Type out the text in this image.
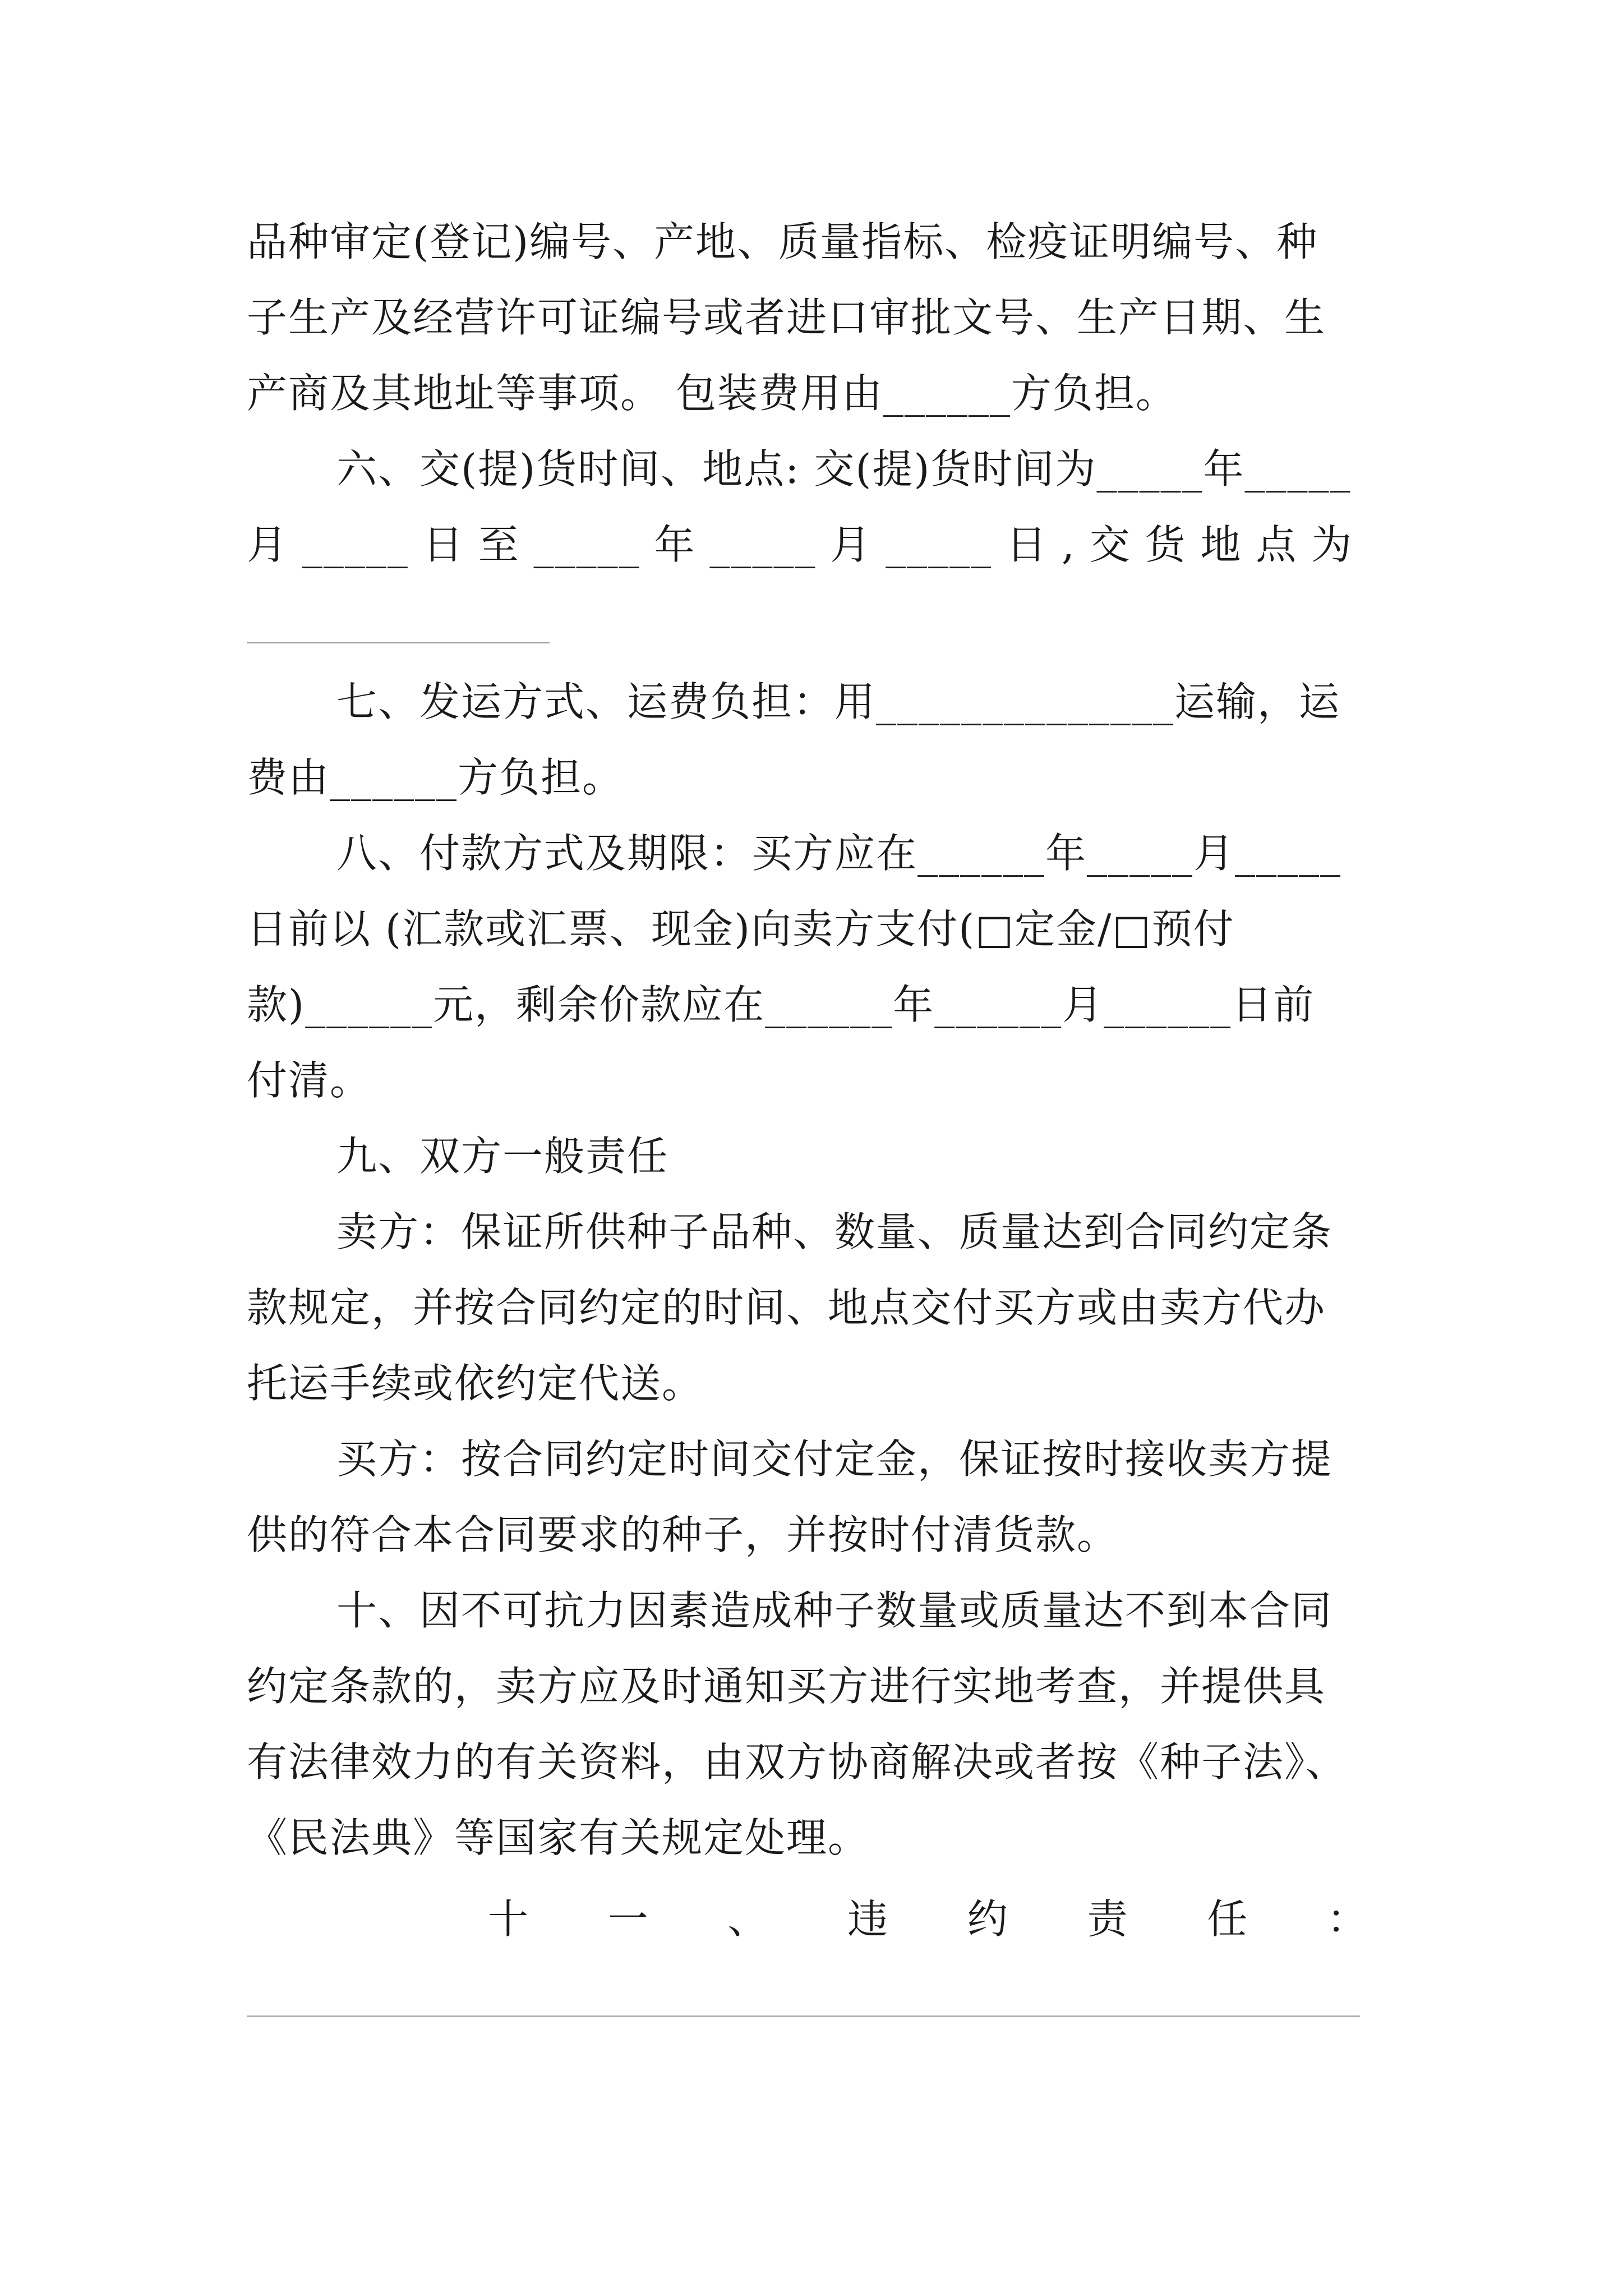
品种审定(登记)编号、产地、质量指标、检疫证明编号、种
子生产及经营许可证编号或者进口审批文号、生产日期、生
产商及其地址等事项。 包装费用由______方负担。
六、交(提)货时间、地点: 交(提)货时间为_____年_____
月 _____ 日 至 _____ 年 _____ 月 _____ 日 , 交 货 地 点 为
七、发运方式、运费负担：用______________运输，运
费由______方负担。
八、付款方式及期限：买方应在______年_____月_____
日前以 (汇款或汇票、现金)向卖方支付(□定金/□预付
款)______元，剩余价款应在______年______月______日前
付清。
九、双方一般责任
卖方：保证所供种子品种、数量、质量达到合同约定条
款规定，并按合同约定的时间、地点交付买方或由卖方代办
托运手续或依约定代送。
买方：按合同约定时间交付定金，保证按时接收卖方提
供的符合本合同要求的种子，并按时付清货款。
十、因不可抗力因素造成种子数量或质量达不到本合同
约定条款的，卖方应及时通知买方进行实地考查，并提供具
有法律效力的有关资料，由双方协商解决或者按《种子法》、
《民法典》等国家有关规定处理。
十 一 、 违 约 责 任 ：
